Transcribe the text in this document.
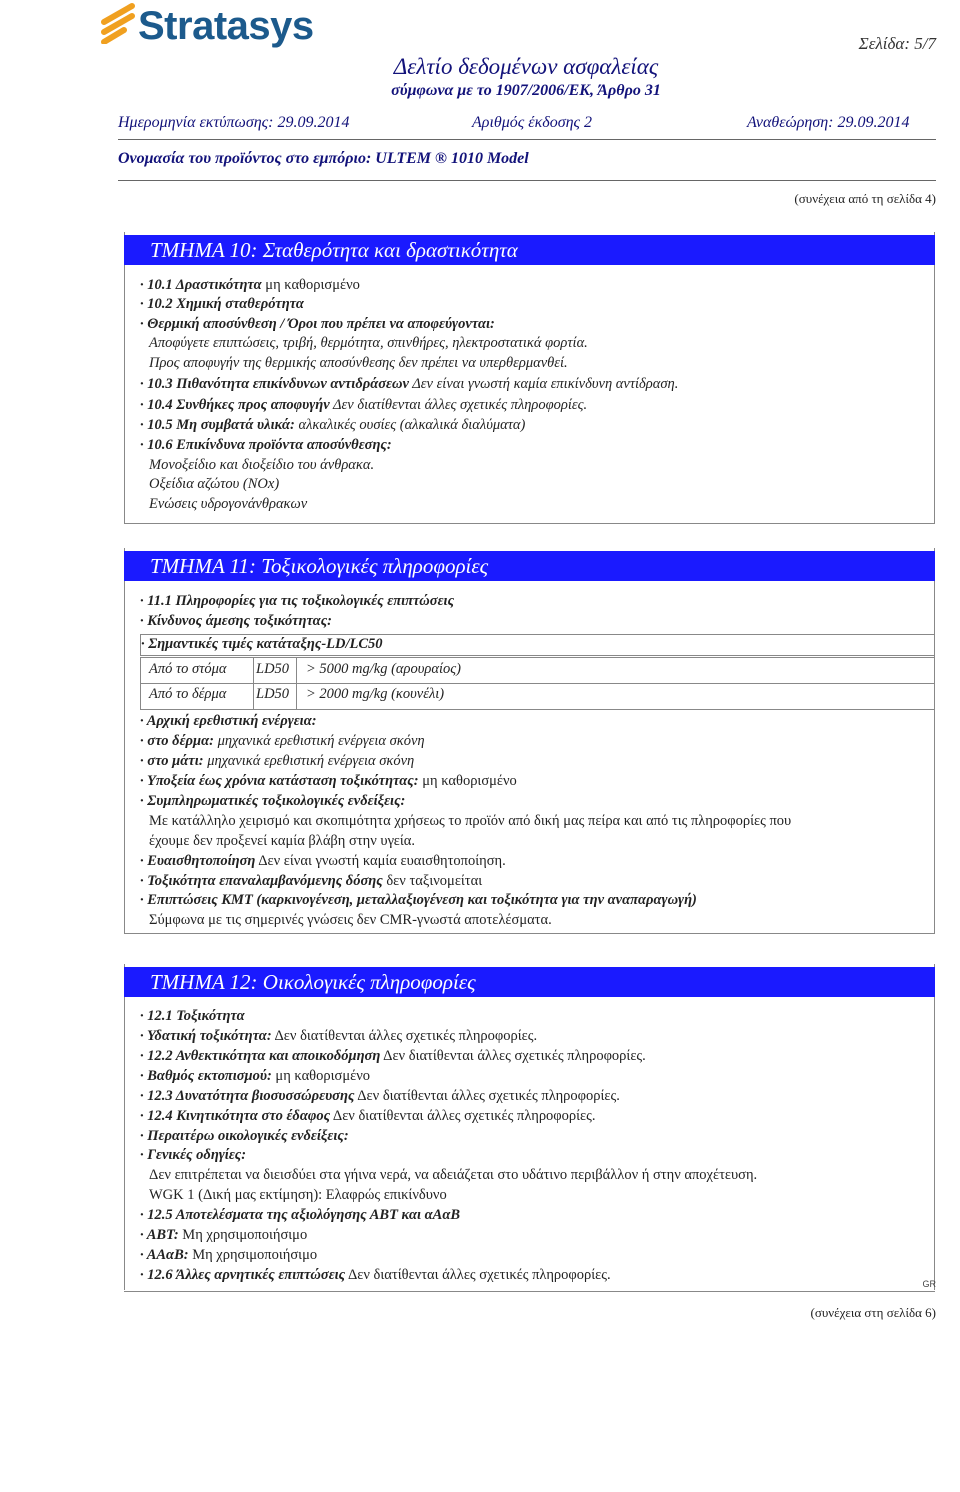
Stratasys	Σελίδα: 5/7
Δελτίο δεδομένων ασφαλείας
σύμφωνα με το 1907/2006/ΕΚ, Άρθρο 31
Ημερομηνία εκτύπωσης: 29.09.2014	Αριθμός έκδοσης 2	Αναθεώρηση: 29.09.2014
Ονομασία του προϊόντος στο εμπόριο: ULTEM ® 1010 Model
(συνέχεια από τη σελίδα 4)
ΤΜΗΜΑ 10: Σταθερότητα και δραστικότητα
· 10.1 Δραστικότητα μη καθορισμένο
· 10.2 Χημική σταθερότητα
· Θερμική αποσύνθεση / Όροι που πρέπει να αποφεύγονται:
Αποφύγετε επιπτώσεις, τριβή, θερμότητα, σπινθήρες, ηλεκτροστατικά φορτία.
Προς αποφυγήν της θερμικής αποσύνθεσης δεν πρέπει να υπερθερμανθεί.
· 10.3 Πιθανότητα επικίνδυνων αντιδράσεων Δεν είναι γνωστή καμία επικίνδυνη αντίδραση.
· 10.4 Συνθήκες προς αποφυγήν Δεν διατίθενται άλλες σχετικές πληροφορίες.
· 10.5 Μη συμβατά υλικά: αλκαλικές ουσίες (αλκαλικά διαλύματα)
· 10.6 Επικίνδυνα προϊόντα αποσύνθεσης:
Μονοξείδιο και διοξείδιο του άνθρακα.
Οξείδια αζώτου (NOx)
Ενώσεις υδρογονάνθρακων
ΤΜΗΜΑ 11: Τοξικολογικές πληροφορίες
· 11.1 Πληροφορίες για τις τοξικολογικές επιπτώσεις
· Κίνδυνος άμεσης τοξικότητας:
· Σημαντικές τιμές κατάταξης-LD/LC50
Από το στόμα LD50 > 5000 mg/kg (αρουραίος)
Από το δέρμα LD50 > 2000 mg/kg (κουνέλι)
· Αρχική ερεθιστική ενέργεια:
· στο δέρμα: μηχανικά ερεθιστική ενέργεια σκόνη
· στο μάτι: μηχανικά ερεθιστική ενέργεια σκόνη
· Υποξεία έως χρόνια κατάσταση τοξικότητας: μη καθορισμένο
· Συμπληρωματικές τοξικολογικές ενδείξεις:
Με κατάλληλο χειρισμό και σκοπιμότητα χρήσεως το προϊόν από δική μας πείρα και από τις πληροφορίες που
έχουμε δεν προξενεί καμία βλάβη στην υγεία.
· Ευαισθητοποίηση Δεν είναι γνωστή καμία ευαισθητοποίηση.
· Τοξικότητα επαναλαμβανόμενης δόσης δεν ταξινομείται
· Επιπτώσεις ΚΜΤ (καρκινογένεση, μεταλλαξιογένεση και τοξικότητα για την αναπαραγωγή)
Σύμφωνα με τις σημερινές γνώσεις δεν CMR-γνωστά αποτελέσματα.
ΤΜΗΜΑ 12: Οικολογικές πληροφορίες
· 12.1 Τοξικότητα
· Υδατική τοξικότητα: Δεν διατίθενται άλλες σχετικές πληροφορίες.
· 12.2 Ανθεκτικότητα και αποικοδόμηση Δεν διατίθενται άλλες σχετικές πληροφορίες.
· Βαθμός εκτοπισμού: μη καθορισμένο
· 12.3 Δυνατότητα βιοσυσσώρευσης Δεν διατίθενται άλλες σχετικές πληροφορίες.
· 12.4 Κινητικότητα στο έδαφος Δεν διατίθενται άλλες σχετικές πληροφορίες.
· Περαιτέρω οικολογικές ενδείξεις:
· Γενικές οδηγίες:
Δεν επιτρέπεται να διεισδύει στα γήινα νερά, να αδειάζεται στο υδάτινο περιβάλλον ή στην αποχέτευση.
WGK 1 (Δική μας εκτίμηση): Ελαφρώς επικίνδυνο
· 12.5 Αποτελέσματα της αξιολόγησης ΑΒΤ και αΑαΒ
· ΑΒΤ: Μη χρησιμοποιήσιμο
· ΑΑαΒ: Μη χρησιμοποιήσιμο
· 12.6 Άλλες αρνητικές επιπτώσεις Δεν διατίθενται άλλες σχετικές πληροφορίες.
GR
(συνέχεια στη σελίδα 6)
